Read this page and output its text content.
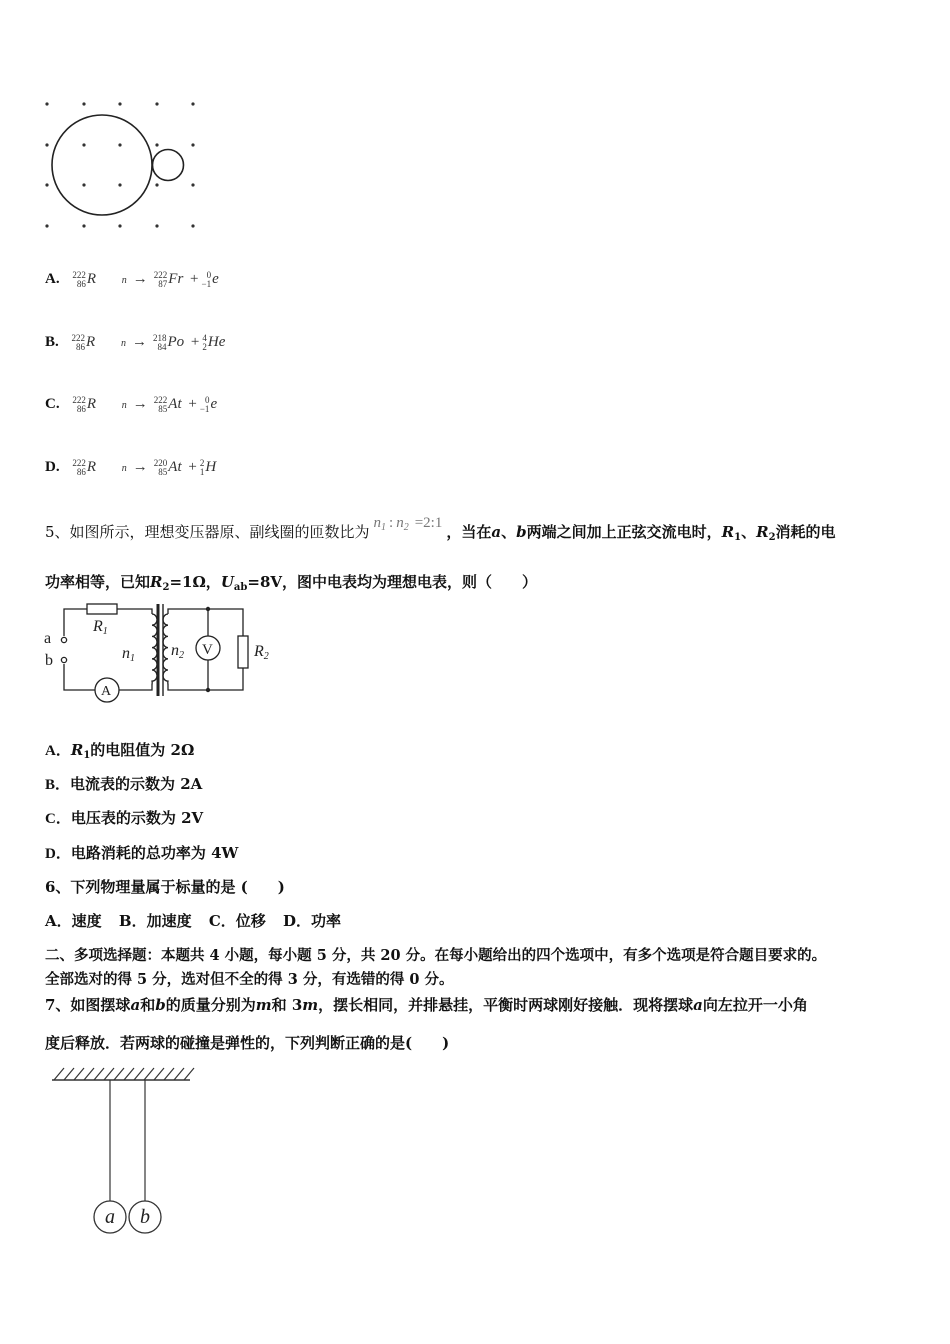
A. 222
86R	n → 222
87Fr + 0
−1e
B. 222
86R	n → 218
84Po + 4
2He
C. 222
86R	n → 222
85At + 0
−1e
D. 222
86R	n → 220
85At + 2
1H
5、如图所示，理想变压器原、副线圈的匝数比为 $n_1$ : $n_2$ =2:1 ，当在a、b两端之间加上正弦交流电时，$R_1$、$R_2$消耗的电
功率相等，已知$R_2=1\Omega$，$U_{ab}=8V$，图中电表均为理想电表，则（　　）
a
b
R1
n1 n2 V
A
R2
A．$R_1$的电阻值为 2Ω
B．电流表的示数为 2A
C．电压表的示数为 2V
D．电路消耗的总功率为 4W
6、下列物理量属于标量的是 (　　)
A．速度 B．加速度 C．位移 D．功率
二、多项选择题：本题共 4 小题，每小题 5 分，共 20 分。在每小题给出的四个选项中，有多个选项是符合题目要求的。
全部选对的得 5 分，选对但不全的得 3 分，有选错的得 0 分。
7、如图摆球a和b的质量分别为m和 3m，摆长相同，并排悬挂，平衡时两球刚好接触．现将摆球a向左拉开一小角
度后释放．若两球的碰撞是弹性的，下列判断正确的是(　　)
a b
